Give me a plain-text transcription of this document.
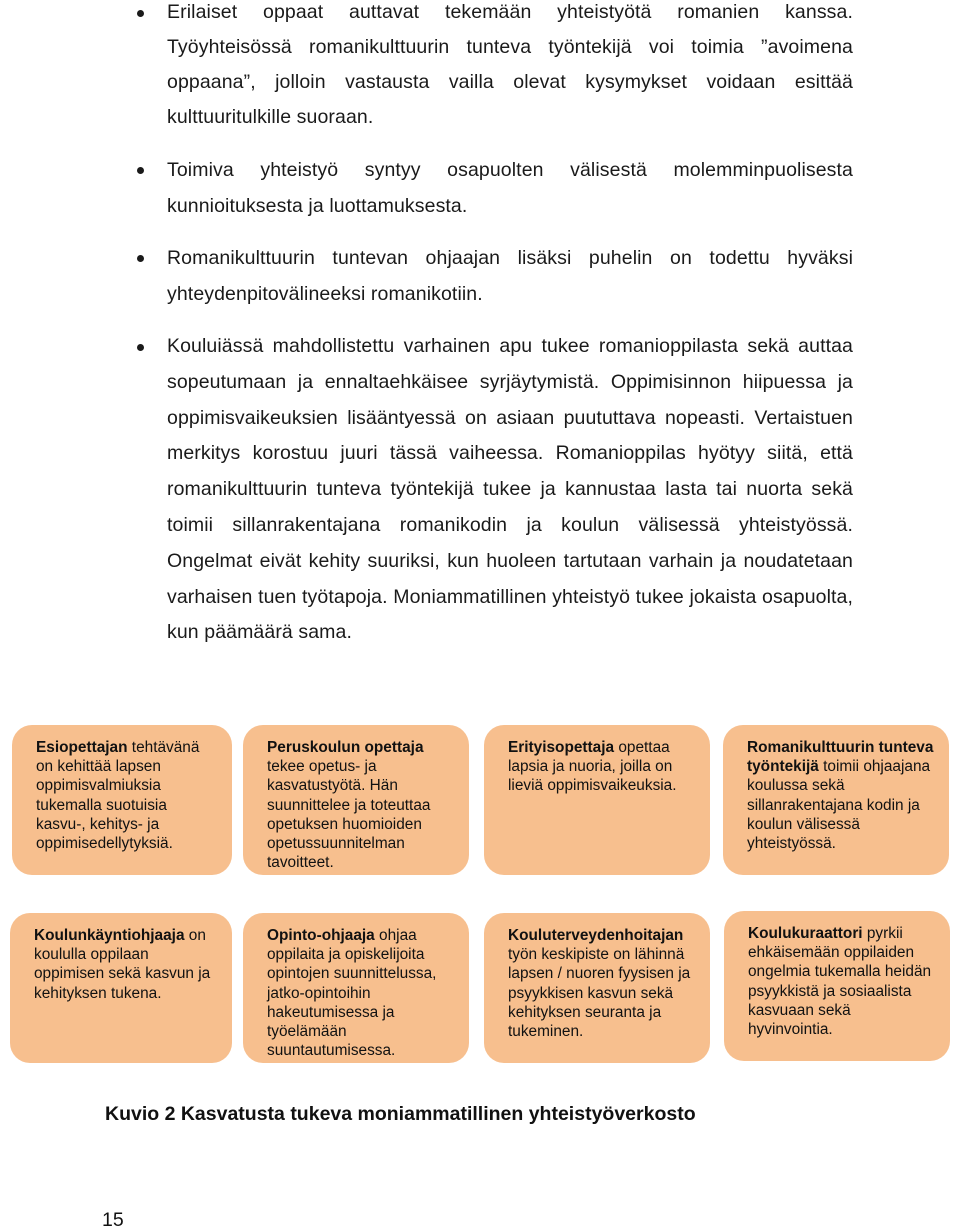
Erilaiset oppaat auttavat tekemään yhteistyötä romanien kanssa. Työyhteisössä romanikulttuurin tunteva työntekijä voi toimia ”avoimena oppaana”, jolloin vastausta vailla olevat kysymykset voidaan esittää kulttuuritulkille suoraan.
Toimiva yhteistyö syntyy osapuolten välisestä molemminpuolisesta kunnioituksesta ja luottamuksesta.
Romanikulttuurin tuntevan ohjaajan lisäksi puhelin on todettu hyväksi yhteydenpitovälineeksi romanikotiin.
Kouluiässä mahdollistettu varhainen apu tukee romanioppilasta sekä auttaa sopeutumaan ja ennaltaehkäisee syrjäytymistä. Oppimisinnon hiipuessa ja oppimisvaikeuksien lisääntyessä on asiaan puututtava nopeasti. Vertaistuen merkitys korostuu juuri tässä vaiheessa. Romanioppilas hyötyy siitä, että romanikulttuurin tunteva työntekijä tukee ja kannustaa lasta tai nuorta sekä toimii sillanrakentajana romanikodin ja koulun välisessä yhteistyössä. Ongelmat eivät kehity suuriksi, kun huoleen tartutaan varhain ja noudatetaan varhaisen tuen työtapoja. Moniammatillinen yhteistyö tukee jokaista osapuolta, kun päämäärä sama.
Esiopettajan tehtävänä on kehittää lapsen oppimisvalmiuksia tukemalla suotuisia kasvu-, kehitys- ja oppimisedellytyksiä.
Peruskoulun opettaja tekee opetus- ja kasvatustyötä. Hän suunnittelee ja toteuttaa opetuksen huomioiden opetussuunnitelman tavoitteet.
Erityisopettaja opettaa lapsia ja nuoria, joilla on lieviä oppimisvaikeuksia.
Romanikulttuurin tunteva työntekijä toimii ohjaajana koulussa sekä sillanrakentajana kodin ja koulun välisessä yhteistyössä.
Koulunkäyntiohjaaja on koululla oppilaan oppimisen sekä kasvun ja kehityksen tukena.
Opinto-ohjaaja ohjaa oppilaita ja opiskelijoita opintojen suunnittelussa, jatko-opintoihin hakeutumisessa ja työelämään suuntautumisessa.
Kouluterveydenhoitajan työn keskipiste on lähinnä lapsen / nuoren fyysisen ja psyykkisen kasvun sekä kehityksen seuranta ja tukeminen.
Koulukuraattori pyrkii ehkäisemään oppilaiden ongelmia tukemalla heidän psyykkistä ja sosiaalista kasvuaan sekä hyvinvointia.
Kuvio 2 Kasvatusta tukeva moniammatillinen yhteistyöverkosto
15
